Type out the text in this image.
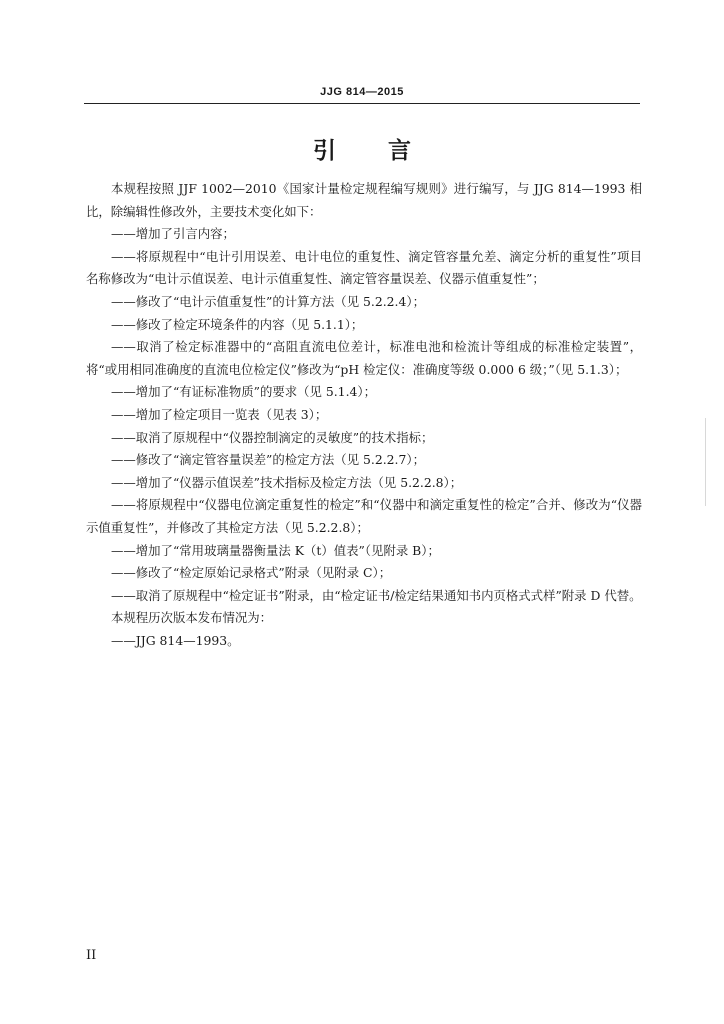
JJG 814—2015
引言

本规程按照 JJF 1002—2010《国家计量检定规程编写规则》进行编写，与 JJG 814—1993 相比，除编辑性修改外，主要技术变化如下：

——增加了引言内容；

——将原规程中“电计引用误差、电计电位的重复性、滴定管容量允差、滴定分析的重复性”项目名称修改为“电计示值误差、电计示值重复性、滴定管容量误差、仪器示值重复性”；

——修改了“电计示值重复性”的计算方法（见 5.2.2.4）；

——修改了检定环境条件的内容（见 5.1.1）；

——取消了检定标准器中的“高阻直流电位差计，标准电池和检流计等组成的标准检定装置”，将“或用相同准确度的直流电位检定仪”修改为“pH 检定仪：准确度等级 0.000 6 级；”（见 5.1.3）；

——增加了“有证标准物质”的要求（见 5.1.4）；

——增加了检定项目一览表（见表 3）；

——取消了原规程中“仪器控制滴定的灵敏度”的技术指标；

——修改了“滴定管容量误差”的检定方法（见 5.2.2.7）；

——增加了“仪器示值误差”技术指标及检定方法（见 5.2.2.8）；

——将原规程中“仪器电位滴定重复性的检定”和“仪器中和滴定重复性的检定”合并、修改为“仪器示值重复性”，并修改了其检定方法（见 5.2.2.8）；

——增加了“常用玻璃量器衡量法 K（t）值表”（见附录 B）；

——修改了“检定原始记录格式”附录（见附录 C）；

——取消了原规程中“检定证书”附录，由“检定证书/检定结果通知书内页格式式样”附录 D 代替。

本规程历次版本发布情况为：

——JJG 814—1993。

II
